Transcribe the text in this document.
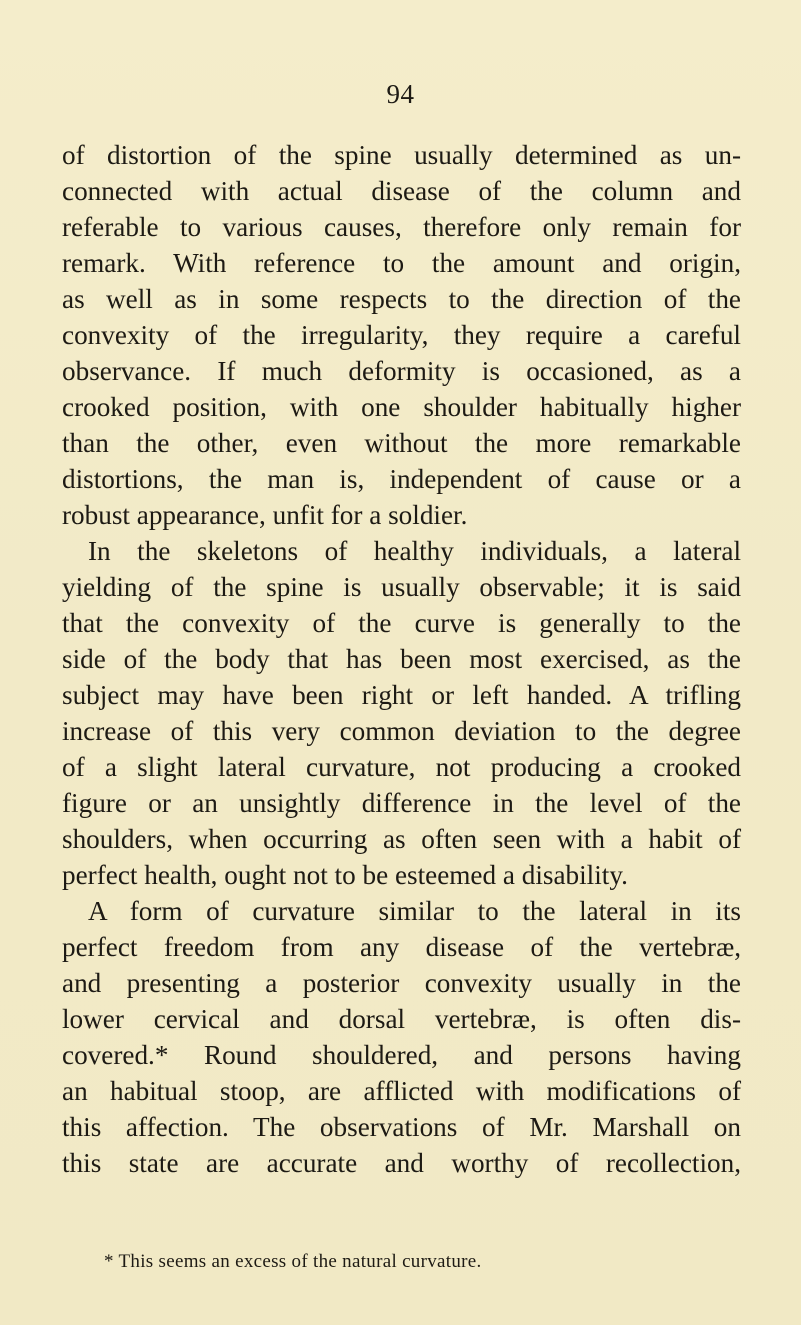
94
of distortion of the spine usually determined as un-
connected with actual disease of the column and
referable to various causes, therefore only remain for
remark. With reference to the amount and origin,
as well as in some respects to the direction of the
convexity of the irregularity, they require a careful
observance. If much deformity is occasioned, as a
crooked position, with one shoulder habitually higher
than the other, even without the more remarkable
distortions, the man is, independent of cause or a
robust appearance, unfit for a soldier.
In the skeletons of healthy individuals, a lateral
yielding of the spine is usually observable; it is said
that the convexity of the curve is generally to the
side of the body that has been most exercised, as the
subject may have been right or left handed. A trifling
increase of this very common deviation to the degree
of a slight lateral curvature, not producing a crooked
figure or an unsightly difference in the level of the
shoulders, when occurring as often seen with a habit of
perfect health, ought not to be esteemed a disability.
A form of curvature similar to the lateral in its
perfect freedom from any disease of the vertebræ,
and presenting a posterior convexity usually in the
lower cervical and dorsal vertebræ, is often dis-
covered.* Round shouldered, and persons having
an habitual stoop, are afflicted with modifications of
this affection. The observations of Mr. Marshall on
this state are accurate and worthy of recollection,
* This seems an excess of the natural curvature.
